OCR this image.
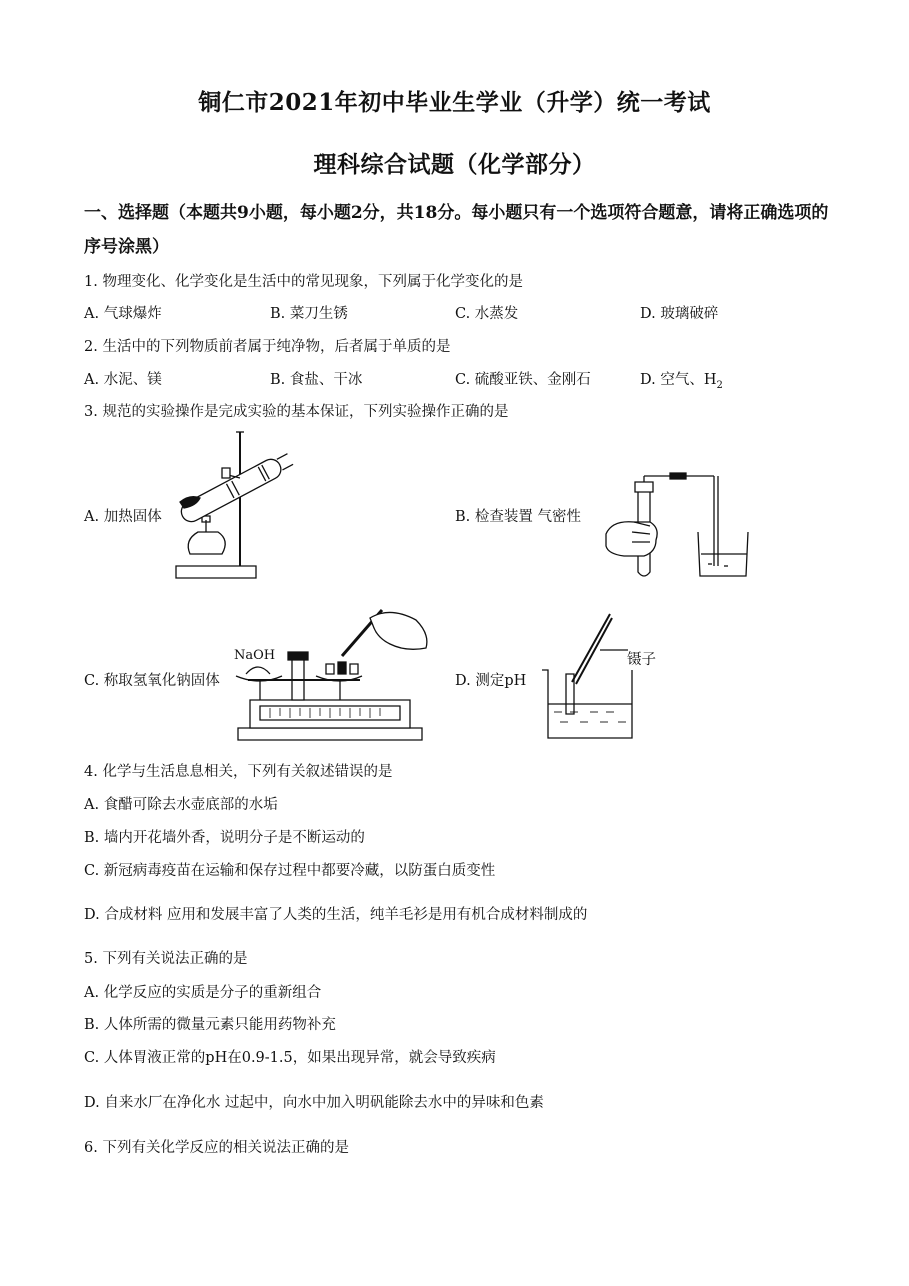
铜仁市2021年初中毕业生学业（升学）统一考试
理科综合试题（化学部分）
一、选择题（本题共9小题，每小题2分，共18分。每小题只有一个选项符合题意，请将正确选项的序号涂黑）
1. 物理变化、化学变化是生活中的常见现象，下列属于化学变化的是
A. 气球爆炸	B. 菜刀生锈	C. 水蒸发	D. 玻璃破碎
2. 生活中的下列物质前者属于纯净物，后者属于单质的是
A. 水泥、镁	B. 食盐、干冰	C. 硫酸亚铁、金刚石	D. 空气、$H_2$
3. 规范的实验操作是完成实验的基本保证，下列实验操作正确的是
A. 加热固体	B. 检查装置 气密性
C. 称取氢氧化钠固体	D. 测定pH
NaOH	镊子
4. 化学与生活息息相关，下列有关叙述错误的是
A. 食醋可除去水壶底部的水垢
B. 墙内开花墙外香，说明分子是不断运动的
C. 新冠病毒疫苗在运输和保存过程中都要冷藏，以防蛋白质变性
D. 合成材料 应用和发展丰富了人类的生活，纯羊毛衫是用有机合成材料制成的
5. 下列有关说法正确的是
A. 化学反应的实质是分子的重新组合
B. 人体所需的微量元素只能用药物补充
C. 人体胃液正常的pH在0.9-1.5，如果出现异常，就会导致疾病
D. 自来水厂在净化水 过起中，向水中加入明矾能除去水中的异味和色素
6. 下列有关化学反应的相关说法正确的是
